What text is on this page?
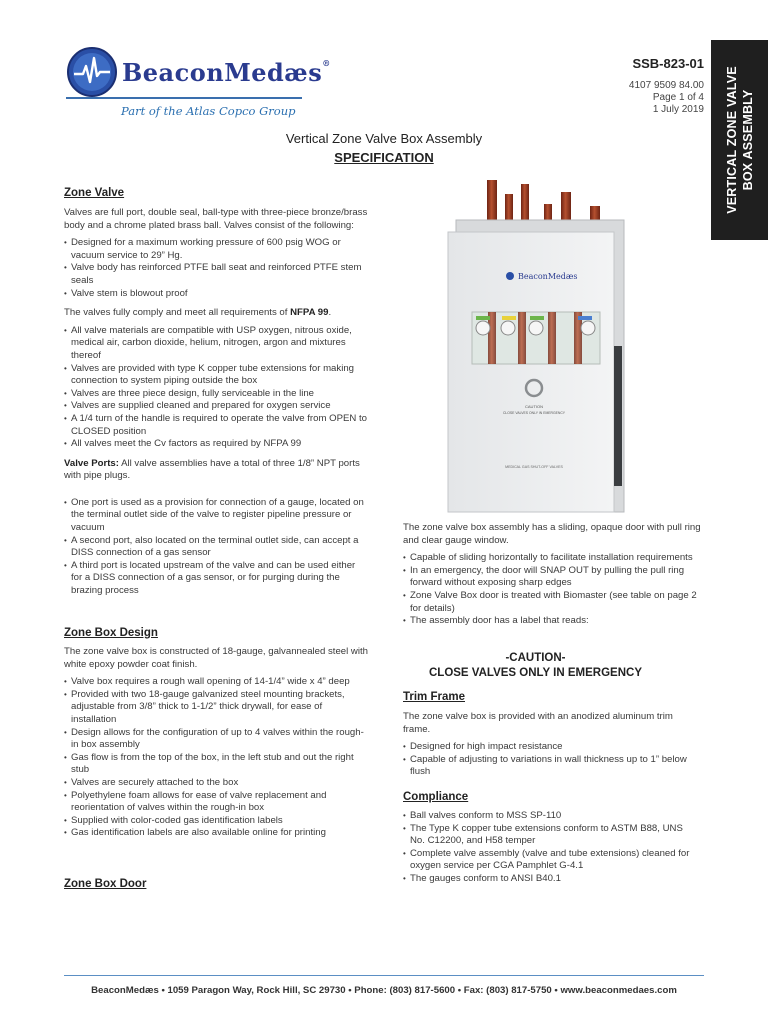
BeaconMedæs®
Part of the Atlas Copco Group
SSB-823-01
4107 9509 84.00
Page 1 of 4
1 July 2019 VERTICAL ZONE VALVE BOX ASSEMBLY
Vertical Zone Valve Box Assembly
SPECIFICATION
Zone Valve

Valves are full port, double seal, ball-type with three-piece bronze/brass body and a chrome plated brass ball. Valves consist of the following:

• Designed for a maximum working pressure of 600 psig WOG or vacuum service to 29” Hg.
• Valve body has reinforced PTFE ball seat and reinforced PTFE stem seals
• Valve stem is blowout proof

The valves fully comply and meet all requirements of NFPA 99.

• All valve materials are compatible with USP oxygen, nitrous oxide, medical air, carbon dioxide, helium, nitrogen, argon and mixtures thereof
• Valves are provided with type K copper tube extensions for making connection to system piping outside the box
• Valves are three piece design, fully serviceable in the line
• Valves are supplied cleaned and prepared for oxygen service
• A 1/4 turn of the handle is required to operate the valve from OPEN to CLOSED position
• All valves meet the Cv factors as required by NFPA 99

Valve Ports: All valve assemblies have a total of three 1/8” NPT ports with pipe plugs.

• One port is used as a provision for connection of a gauge, located on the terminal outlet side of the valve to register pipeline pressure or vacuum
• A second port, also located on the terminal outlet side, can accept a DISS connection of a gas sensor
• A third port is located upstream of the valve and can be used either for a DISS connection of a gas sensor, or for purging during the brazing process
Zone Box Design

The zone valve box is constructed of 18-gauge, galvannealed steel with white epoxy powder coat finish.

• Valve box requires a rough wall opening of 14-1/4” wide x 4” deep
• Provided with two 18-gauge galvanized steel mounting brackets, adjustable from 3/8” thick to 1-1/2” thick drywall, for ease of installation
• Design allows for the configuration of up to 4 valves within the rough-in box assembly
• Gas flow is from the top of the box, in the left stub and out the right stub
• Valves are securely attached to the box
• Polyethylene foam allows for ease of valve replacement and reorientation of valves within the rough-in box
• Supplied with color-coded gas identification labels
• Gas identification labels are also available online for printing
Zone Box Door
BeaconMedæs
CAUTION
CLOSE VALVES ONLY IN EMERGENCY
MEDICAL GAS SHUT-OFF VALVES

The zone valve box assembly has a sliding, opaque door with pull ring and clear gauge window.

• Capable of sliding horizontally to facilitate installation requirements
• In an emergency, the door will SNAP OUT by pulling the pull ring forward without exposing sharp edges
• Zone Valve Box door is treated with Biomaster (see table on page 2 for details)
• The assembly door has a label that reads:
-CAUTION-
CLOSE VALVES ONLY IN EMERGENCY
Trim Frame

The zone valve box is provided with an anodized aluminum trim frame.

• Designed for high impact resistance
• Capable of adjusting to variations in wall thickness up to 1” below flush
Compliance
• Ball valves conform to MSS SP-110
• The Type K copper tube extensions conform to ASTM B88, UNS No. C12200, and H58 temper
• Complete valve assembly (valve and tube extensions) cleaned for oxygen service per CGA Pamphlet G-4.1
• The gauges conform to ANSI B40.1
BeaconMedæs • 1059 Paragon Way, Rock Hill, SC 29730 • Phone: (803) 817-5600 • Fax: (803) 817-5750 • www.beaconmedaes.com
